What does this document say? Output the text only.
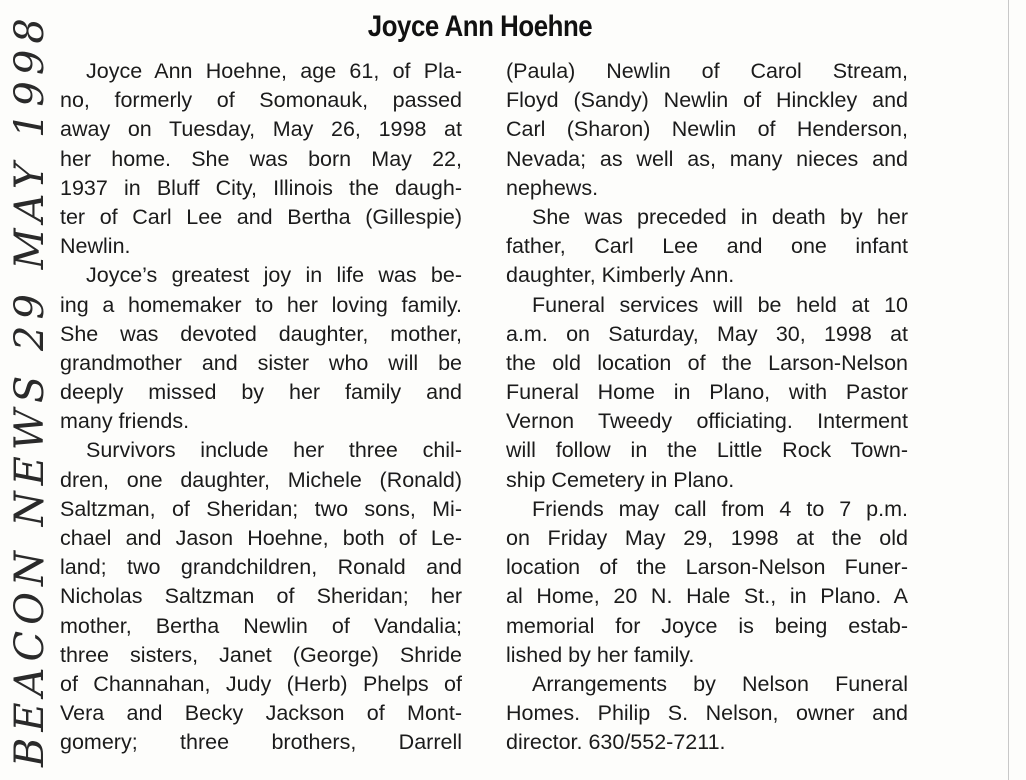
BEACON NEWS 29 MAY 1998	Joyce Ann Hoehne
Joyce Ann Hoehne, age 61, of Pla-
no, formerly of Somonauk, passed
away on Tuesday, May 26, 1998 at
her home. She was born May 22,
1937 in Bluff City, Illinois the daugh-
ter of Carl Lee and Bertha (Gillespie)
Newlin.
Joyce’s greatest joy in life was be-
ing a homemaker to her loving family.
She was devoted daughter, mother,
grandmother and sister who will be
deeply missed by her family and
many friends.
Survivors include her three chil-
dren, one daughter, Michele (Ronald)
Saltzman, of Sheridan; two sons, Mi-
chael and Jason Hoehne, both of Le-
land; two grandchildren, Ronald and
Nicholas Saltzman of Sheridan; her
mother, Bertha Newlin of Vandalia;
three sisters, Janet (George) Shride
of Channahan, Judy (Herb) Phelps of
Vera and Becky Jackson of Mont-
gomery; three brothers, Darrell
(Paula) Newlin of Carol Stream,
Floyd (Sandy) Newlin of Hinckley and
Carl (Sharon) Newlin of Henderson,
Nevada; as well as, many nieces and
nephews.
She was preceded in death by her
father, Carl Lee and one infant
daughter, Kimberly Ann.
Funeral services will be held at 10
a.m. on Saturday, May 30, 1998 at
the old location of the Larson-Nelson
Funeral Home in Plano, with Pastor
Vernon Tweedy officiating. Interment
will follow in the Little Rock Town-
ship Cemetery in Plano.
Friends may call from 4 to 7 p.m.
on Friday May 29, 1998 at the old
location of the Larson-Nelson Funer-
al Home, 20 N. Hale St., in Plano. A
memorial for Joyce is being estab-
lished by her family.
Arrangements by Nelson Funeral
Homes. Philip S. Nelson, owner and
director. 630/552-7211.
